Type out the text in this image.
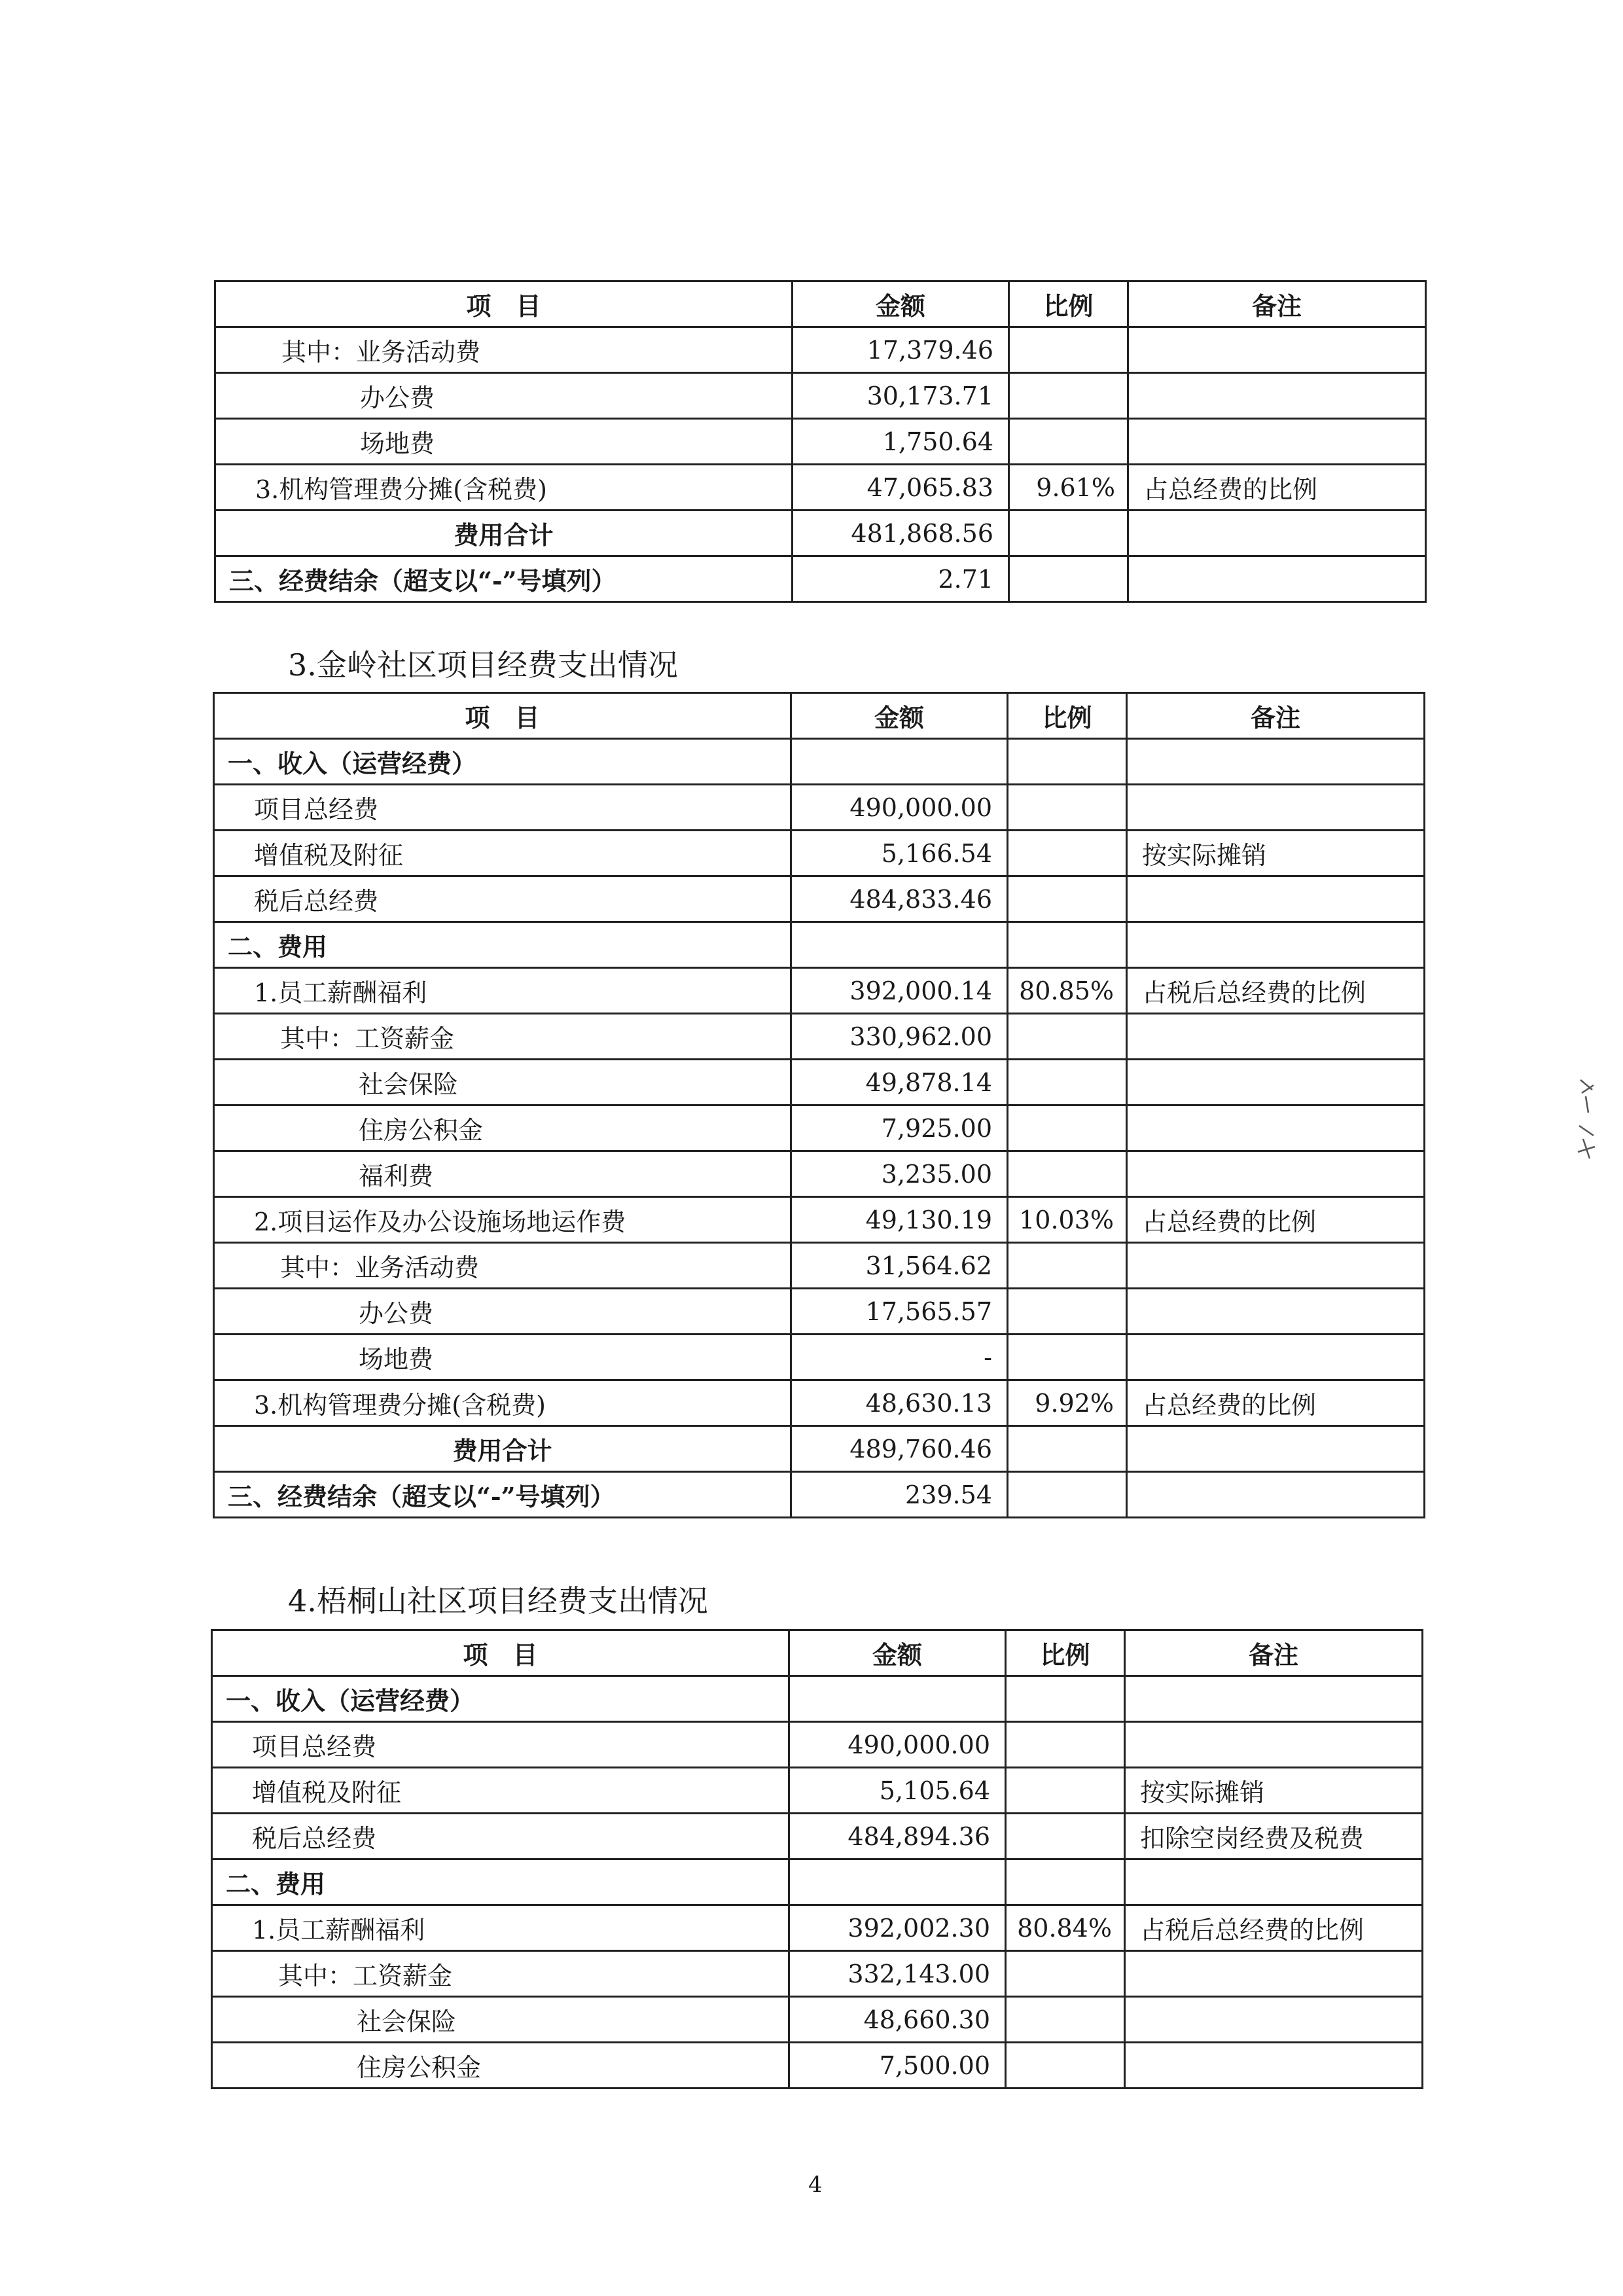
项　目	金额	比例	备注
其中：业务活动费	17,379.46		
办公费	30,173.71		
场地费	1,750.64		
3.机构管理费分摊(含税费)	47,065.83	9.61%	占总经费的比例
费用合计	481,868.56		
三、经费结余（超支以“-”号填列）	2.71		
3.金岭社区项目经费支出情况
项　目	金额	比例	备注
一、收入（运营经费）			
项目总经费	490,000.00		
增值税及附征	5,166.54		按实际摊销
税后总经费	484,833.46		
二、费用			
1.员工薪酬福利	392,000.14	80.85%	占税后总经费的比例
其中：工资薪金	330,962.00		
社会保险	49,878.14		
住房公积金	7,925.00		
福利费	3,235.00		
2.项目运作及办公设施场地运作费	49,130.19	10.03%	占总经费的比例
其中：业务活动费	31,564.62		
办公费	17,565.57		
场地费	-		
3.机构管理费分摊(含税费)	48,630.13	9.92%	占总经费的比例
费用合计	489,760.46		
三、经费结余（超支以“-”号填列）	239.54		
4.梧桐山社区项目经费支出情况
项　目	金额	比例	备注
一、收入（运营经费）			
项目总经费	490,000.00		
增值税及附征	5,105.64		按实际摊销
税后总经费	484,894.36		扣除空岗经费及税费
二、费用			
1.员工薪酬福利	392,002.30	80.84%	占税后总经费的比例
其中：工资薪金	332,143.00		
社会保险	48,660.30		
住房公积金	7,500.00		
4
